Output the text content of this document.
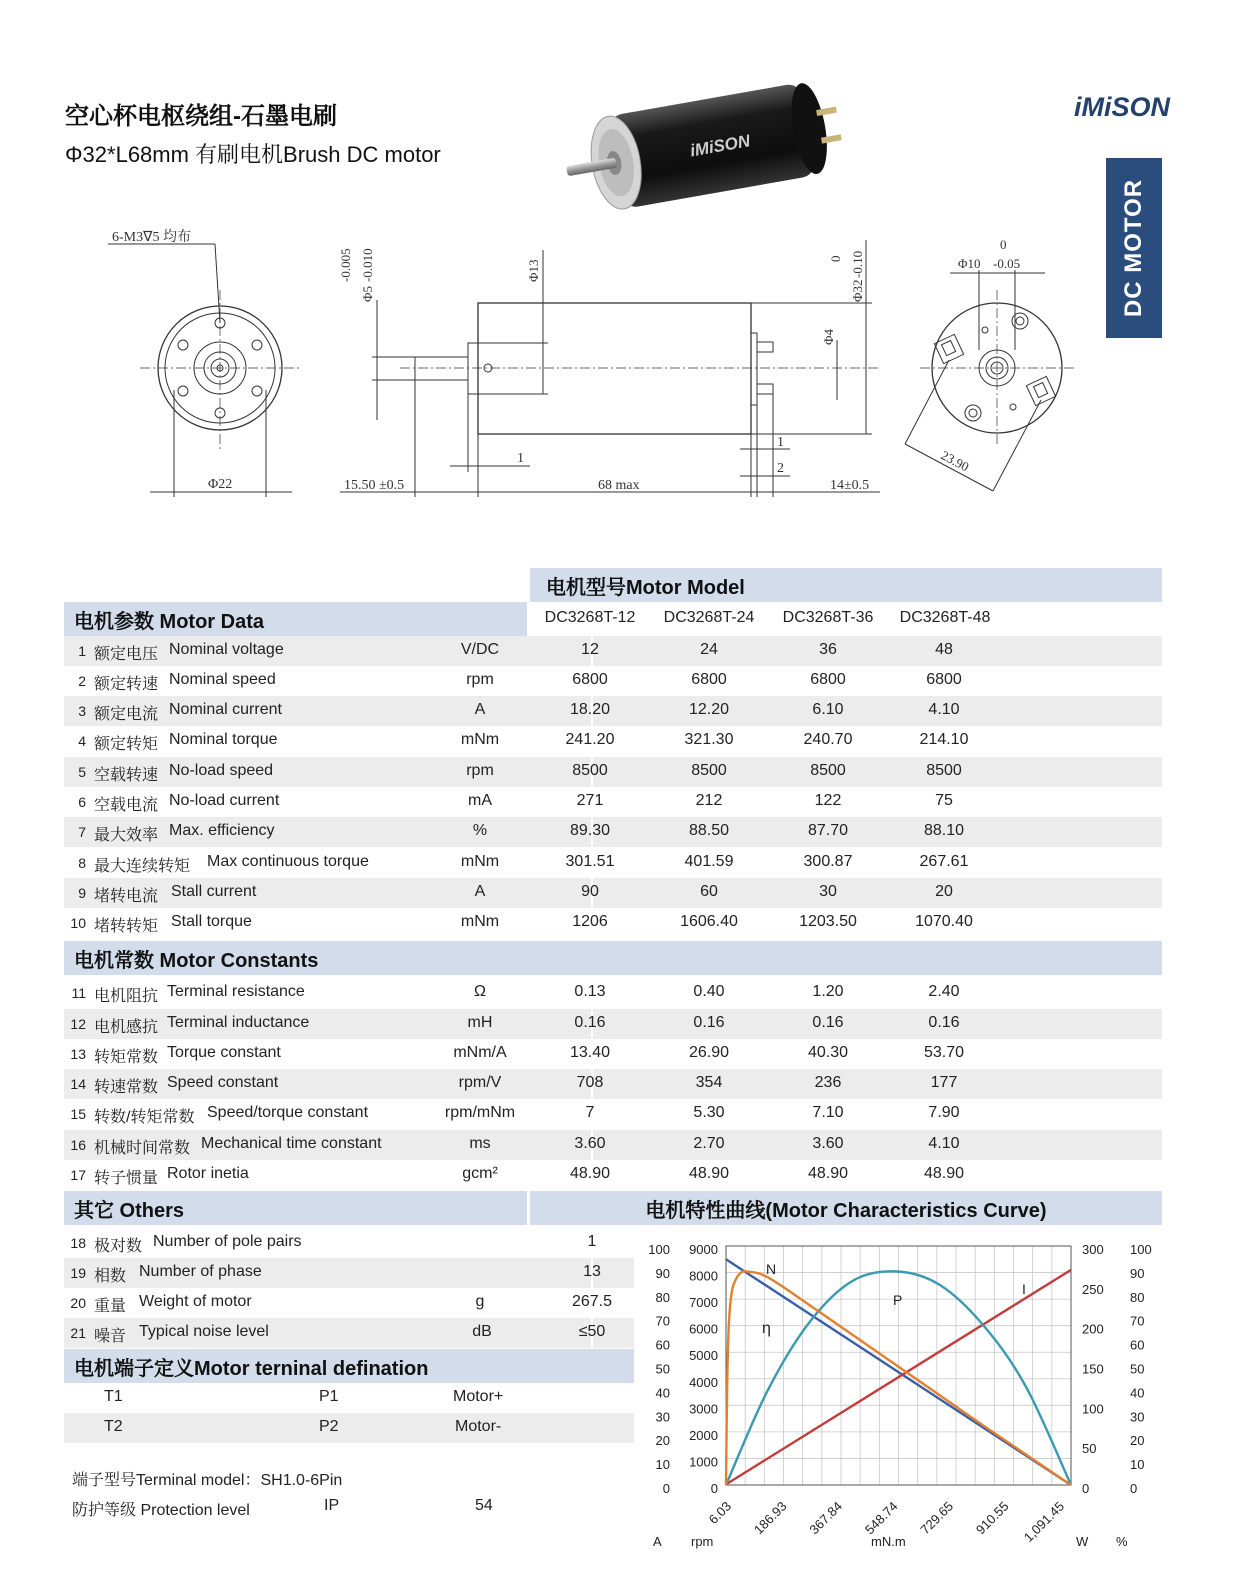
空心杯电枢绕组-石墨电刷
Φ32*L68mm 有刷电机Brush DC motor
iMiSON
DC MOTOR
iMiSON
6-M3∇5 均布
Φ22
-0.005
Φ5
-0.010	Φ13
0
Φ32
-0.10
Φ4
1
1
2
15.50 ±0.5	68 max	14±0.5
0
Φ10 -0.05
23.90
电机型号Motor Model
DC3268T-12	DC3268T-24	DC3268T-36	DC3268T-48
电机参数 Motor Data
1 额定电压 Nominal voltage	V/DC	12	24	36	48
2 额定转速 Nominal speed	rpm	6800	6800	6800	6800
3 额定电流 Nominal current	A	18.20	12.20	6.10	4.10
4 额定转矩 Nominal torque	mNm	241.20	321.30	240.70	214.10
5 空载转速 No-load speed	rpm	8500	8500	8500	8500
6 空载电流 No-load current	mA	271	212	122	75
7 最大效率 Max. efficiency	%	89.30	88.50	87.70	88.10
8 最大连续转矩 Max continuous torque	mNm	301.51	401.59	300.87	267.61
9 堵转电流 Stall current	A	90	60	30	20
10 堵转转矩 Stall torque	mNm	1206	1606.40	1203.50	1070.40
电机常数 Motor Constants
11 电机阻抗 Terminal resistance	Ω	0.13	0.40	1.20	2.40
12 电机感抗 Terminal inductance	mH	0.16	0.16	0.16	0.16
13 转矩常数 Torque constant	mNm/A	13.40	26.90	40.30	53.70
14 转速常数 Speed constant	rpm/V	708	354	236	177
15 转数/转矩常数 Speed/torque constant	rpm/mNm	7	5.30	7.10	7.90
16 机械时间常数 Mechanical time constant	ms	3.60	2.70	3.60	4.10
17 转子惯量 Rotor inetia	gcm²	48.90	48.90	48.90	48.90
其它 Others	电机特性曲线(Motor Characteristics Curve)
18 极对数 Number of pole pairs	1
19 相数 Number of phase	13
20 重量 Weight of motor	g	267.5
21 噪音 Typical noise level	dB	≤50
电机端子定义Motor terninal defination
T1	P1	Motor+
T2	P2	Motor-
端子型号Terminal model：SH1.0-6Pin
防护等级 Protection level	IP	54
100
90
80
70
60
50
40
30
20
10
0
9000
8000
7000
6000
5000
4000
3000
2000
1000
0
300
250
200
150
100
50
0
100
90
80
70
60
50
40
30
20
10
0
6.03 186.93 367.84 548.74 729.65 910.55 1,091.45
N
η
P
I
A rpm	mN.m	W %
